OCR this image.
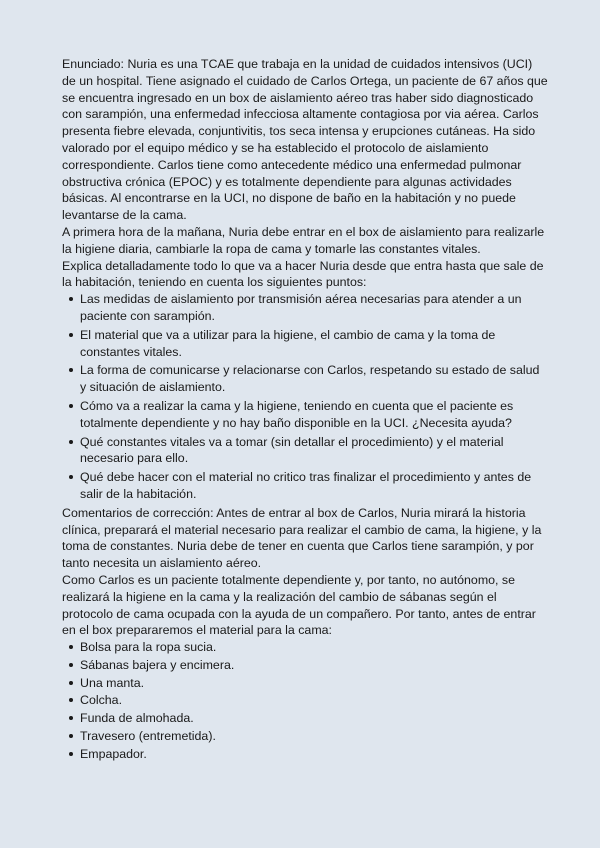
Enunciado: Nuria es una TCAE que trabaja en la unidad de cuidados intensivos (UCI) de un hospital. Tiene asignado el cuidado de Carlos Ortega, un paciente de 67 años que se encuentra ingresado en un box de aislamiento aéreo tras haber sido diagnosticado con sarampión, una enfermedad infecciosa altamente contagiosa por via aérea. Carlos presenta fiebre elevada, conjuntivitis, tos seca intensa y erupciones cutáneas. Ha sido valorado por el equipo médico y se ha establecido el protocolo de aislamiento correspondiente. Carlos tiene como antecedente médico una enfermedad pulmonar obstructiva crónica (EPOC) y es totalmente dependiente para algunas actividades básicas. Al encontrarse en la UCI, no dispone de baño en la habitación y no puede levantarse de la cama.

A primera hora de la mañana, Nuria debe entrar en el box de aislamiento para realizarle la higiene diaria, cambiarle la ropa de cama y tomarle las constantes vitales.

Explica detalladamente todo lo que va a hacer Nuria desde que entra hasta que sale de la habitación, teniendo en cuenta los siguientes puntos:

Las medidas de aislamiento por transmisión aérea necesarias para atender a un paciente con sarampión.
El material que va a utilizar para la higiene, el cambio de cama y la toma de constantes vitales.
La forma de comunicarse y relacionarse con Carlos, respetando su estado de salud y situación de aislamiento.
Cómo va a realizar la cama y la higiene, teniendo en cuenta que el paciente es totalmente dependiente y no hay baño disponible en la UCI. ¿Necesita ayuda?
Qué constantes vitales va a tomar (sin detallar el procedimiento) y el material necesario para ello.
Qué debe hacer con el material no critico tras finalizar el procedimiento y antes de salir de la habitación.

Comentarios de corrección: Antes de entrar al box de Carlos, Nuria mirará la historia clínica, preparará el material necesario para realizar el cambio de cama, la higiene, y la toma de constantes. Nuria debe de tener en cuenta que Carlos tiene sarampión, y por tanto necesita un aislamiento aéreo.

Como Carlos es un paciente totalmente dependiente y, por tanto, no autónomo, se realizará la higiene en la cama y la realización del cambio de sábanas según el protocolo de cama ocupada con la ayuda de un compañero. Por tanto, antes de entrar en el box prepararemos el material para la cama:

Bolsa para la ropa sucia.
Sábanas bajera y encimera.
Una manta.
Colcha.
Funda de almohada.
Travesero (entremetida).
Empapador.
